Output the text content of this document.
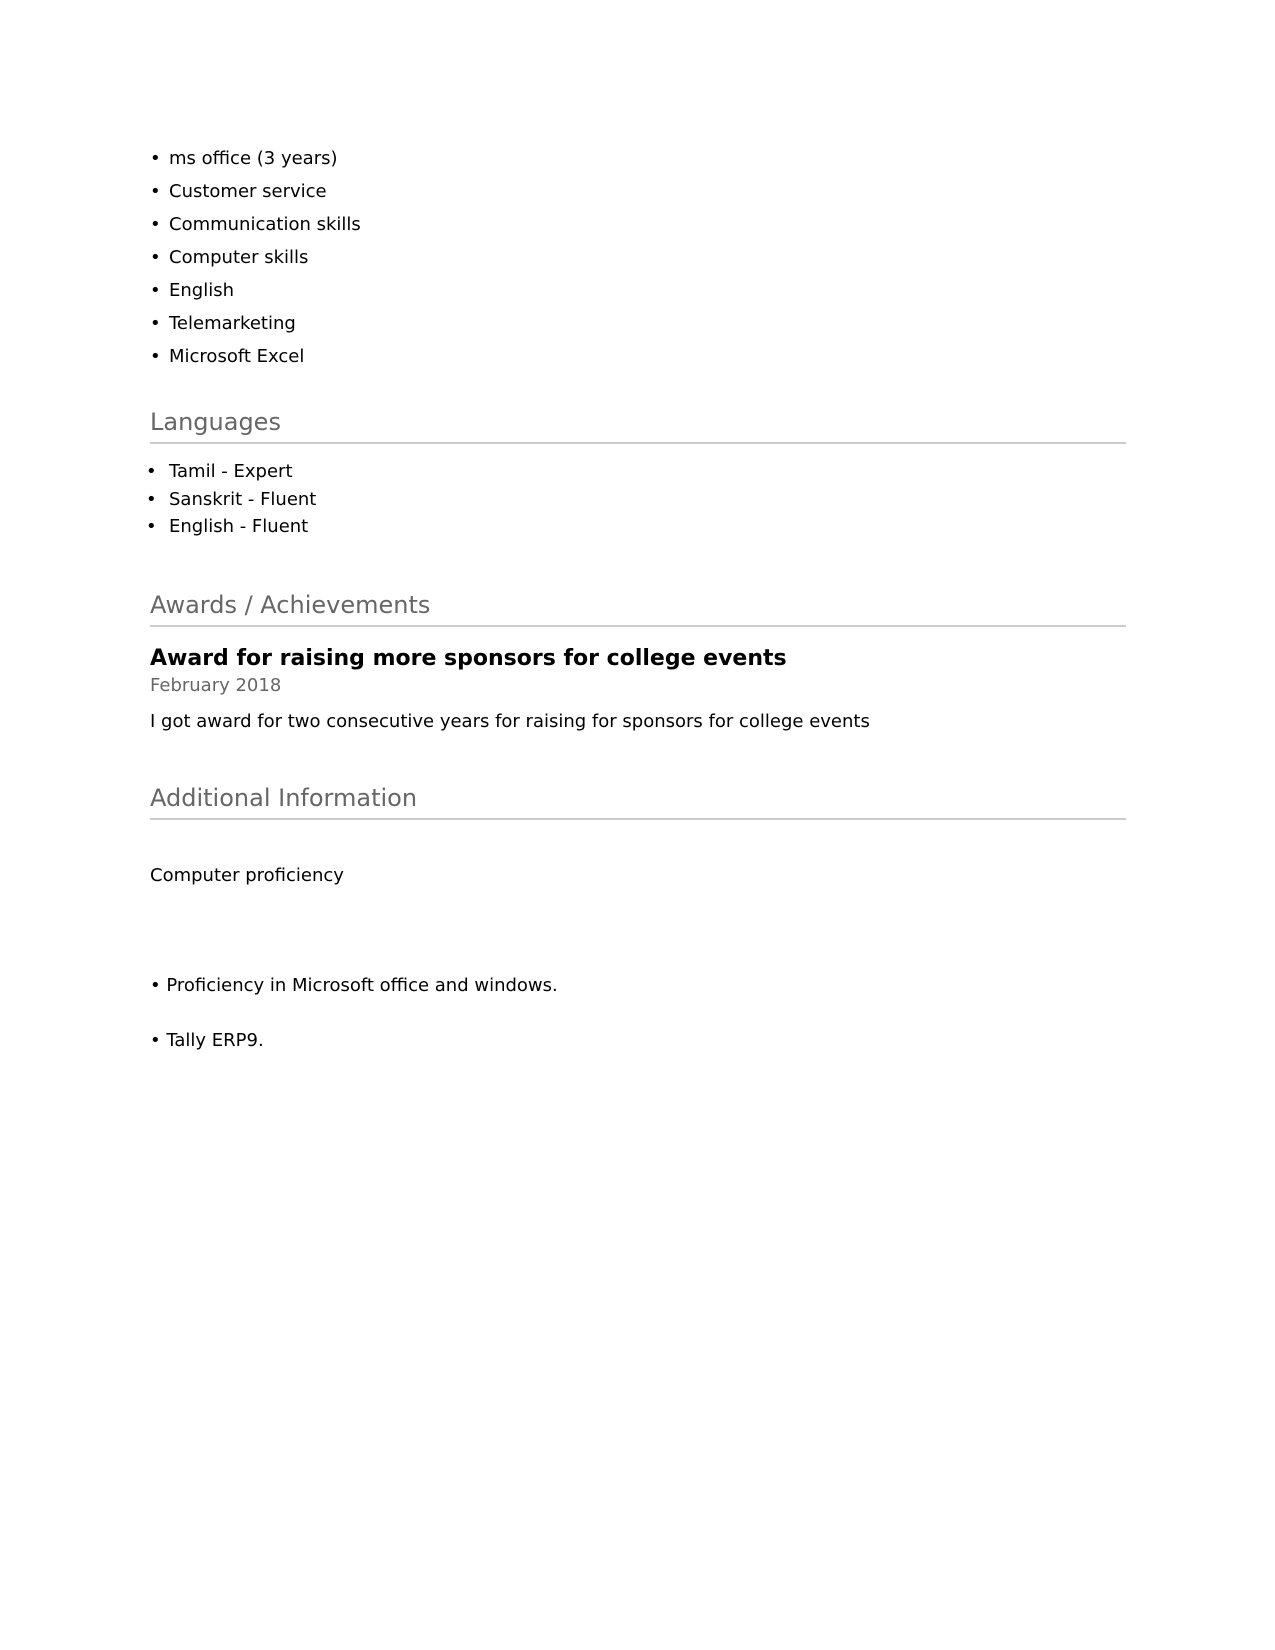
• ms office (3 years)
• Customer service
• Communication skills
• Computer skills
• English
• Telemarketing
• Microsoft Excel
Languages
• Tamil - Expert
• Sanskrit - Fluent
• English - Fluent
Awards / Achievements

Award for raising more sponsors for college events

February 2018

I got award for two consecutive years for raising for sponsors for college events

Additional Information

Computer proficiency

• Proficiency in Microsoft office and windows.

• Tally ERP9.
